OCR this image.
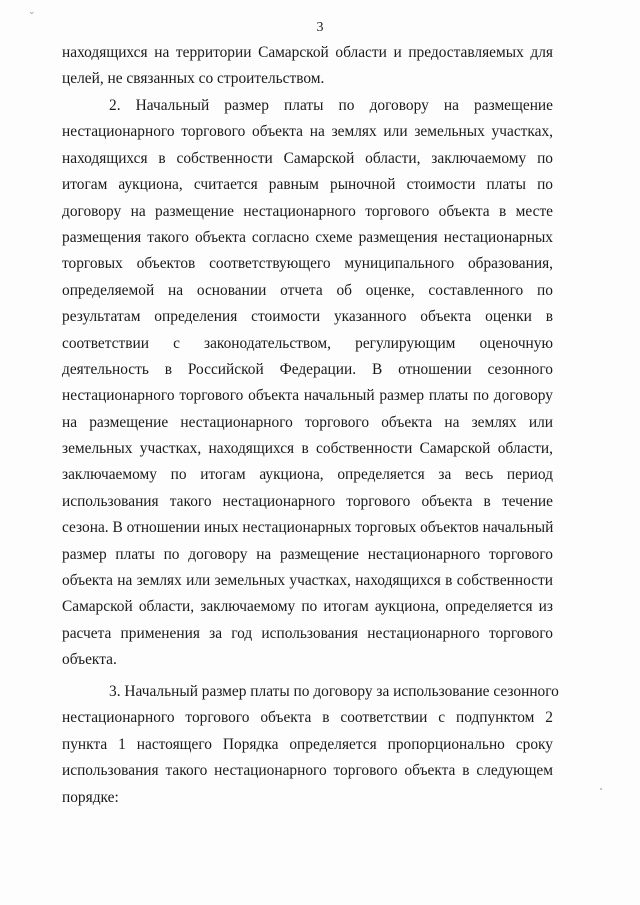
⌄
3
находящихся на территории Самарской области и предоставляемых для
целей, не связанных со строительством.
2. Начальный размер платы по договору на размещение
нестационарного торгового объекта на землях или земельных участках,
находящихся в собственности Самарской области, заключаемому по
итогам аукциона, считается равным рыночной стоимости платы по
договору на размещение нестационарного торгового объекта в месте
размещения такого объекта согласно схеме размещения нестационарных
торговых объектов соответствующего муниципального образования,
определяемой на основании отчета об оценке, составленного по
результатам определения стоимости указанного объекта оценки в
соответствии с законодательством, регулирующим оценочную
деятельность в Российской Федерации. В отношении сезонного
нестационарного торгового объекта начальный размер платы по договору
на размещение нестационарного торгового объекта на землях или
земельных участках, находящихся в собственности Самарской области,
заключаемому по итогам аукциона, определяется за весь период
использования такого нестационарного торгового объекта в течение
сезона. В отношении иных нестационарных торговых объектов начальный
размер платы по договору на размещение нестационарного торгового
объекта на землях или земельных участках, находящихся в собственности
Самарской области, заключаемому по итогам аукциона, определяется из
расчета применения за год использования нестационарного торгового
объекта.
3. Начальный размер платы по договору за использование сезонного
нестационарного торгового объекта в соответствии с подпунктом 2
пункта 1 настоящего Порядка определяется пропорционально сроку
использования такого нестационарного торгового объекта в следующем
порядке:
